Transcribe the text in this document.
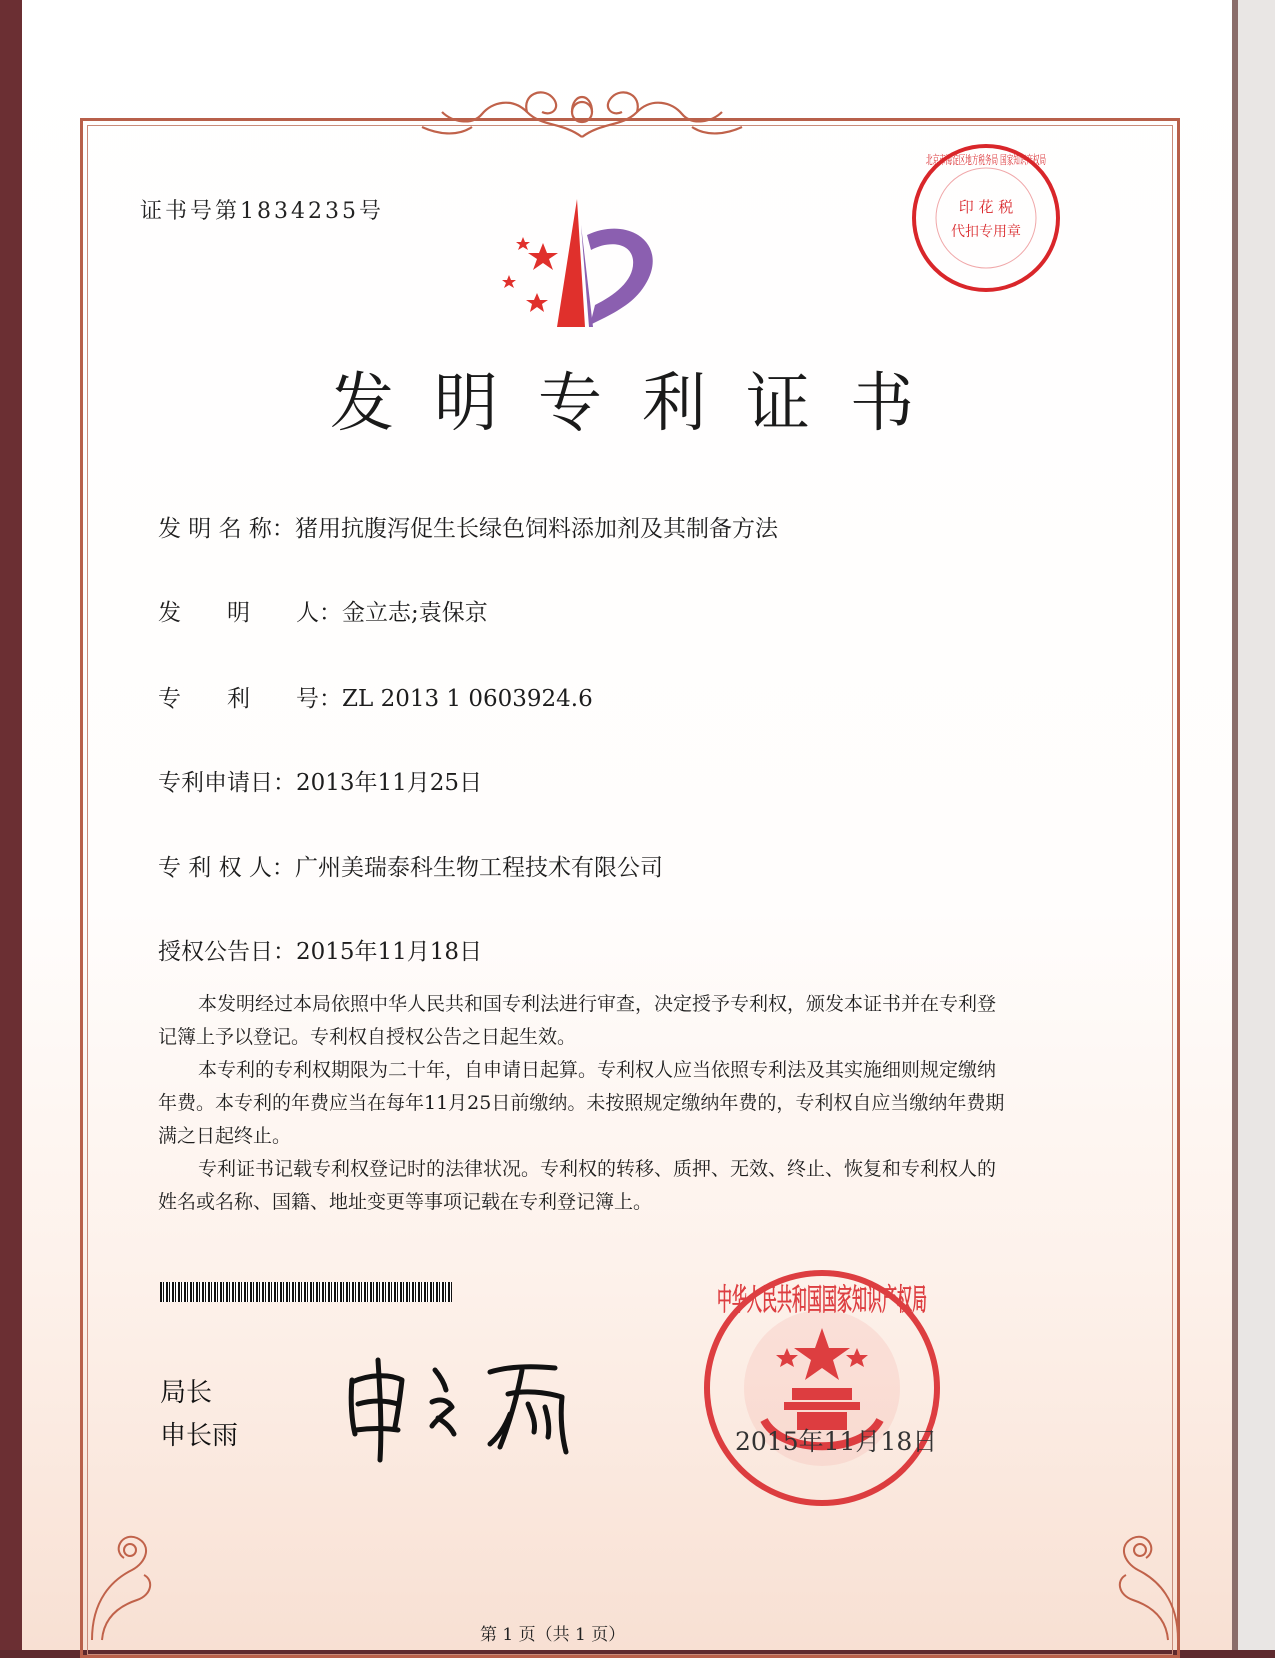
证书号第1834235号	印 花 税
代扣专用章
北京市海淀区地方税务局 国家知识产权局
发明专利证书
发 明 名 称：猪用抗腹泻促生长绿色饲料添加剂及其制备方法
发　　明　　人：金立志;袁保京
专　　利　　号：ZL 2013 1 0603924.6
专利申请日：2013年11月25日
专 利 权 人：广州美瑞泰科生物工程技术有限公司
授权公告日：2015年11月18日
本发明经过本局依照中华人民共和国专利法进行审查，决定授予专利权，颁发本证书并在专利登记簿上予以登记。专利权自授权公告之日起生效。
本专利的专利权期限为二十年，自申请日起算。专利权人应当依照专利法及其实施细则规定缴纳年费。本专利的年费应当在每年11月25日前缴纳。未按照规定缴纳年费的，专利权自应当缴纳年费期满之日起终止。
专利证书记载专利权登记时的法律状况。专利权的转移、质押、无效、终止、恢复和专利权人的姓名或名称、国籍、地址变更等事项记载在专利登记簿上。
局长
申长雨
中华人民共和国国家知识产权局
2015年11月18日
第 1 页（共 1 页）
